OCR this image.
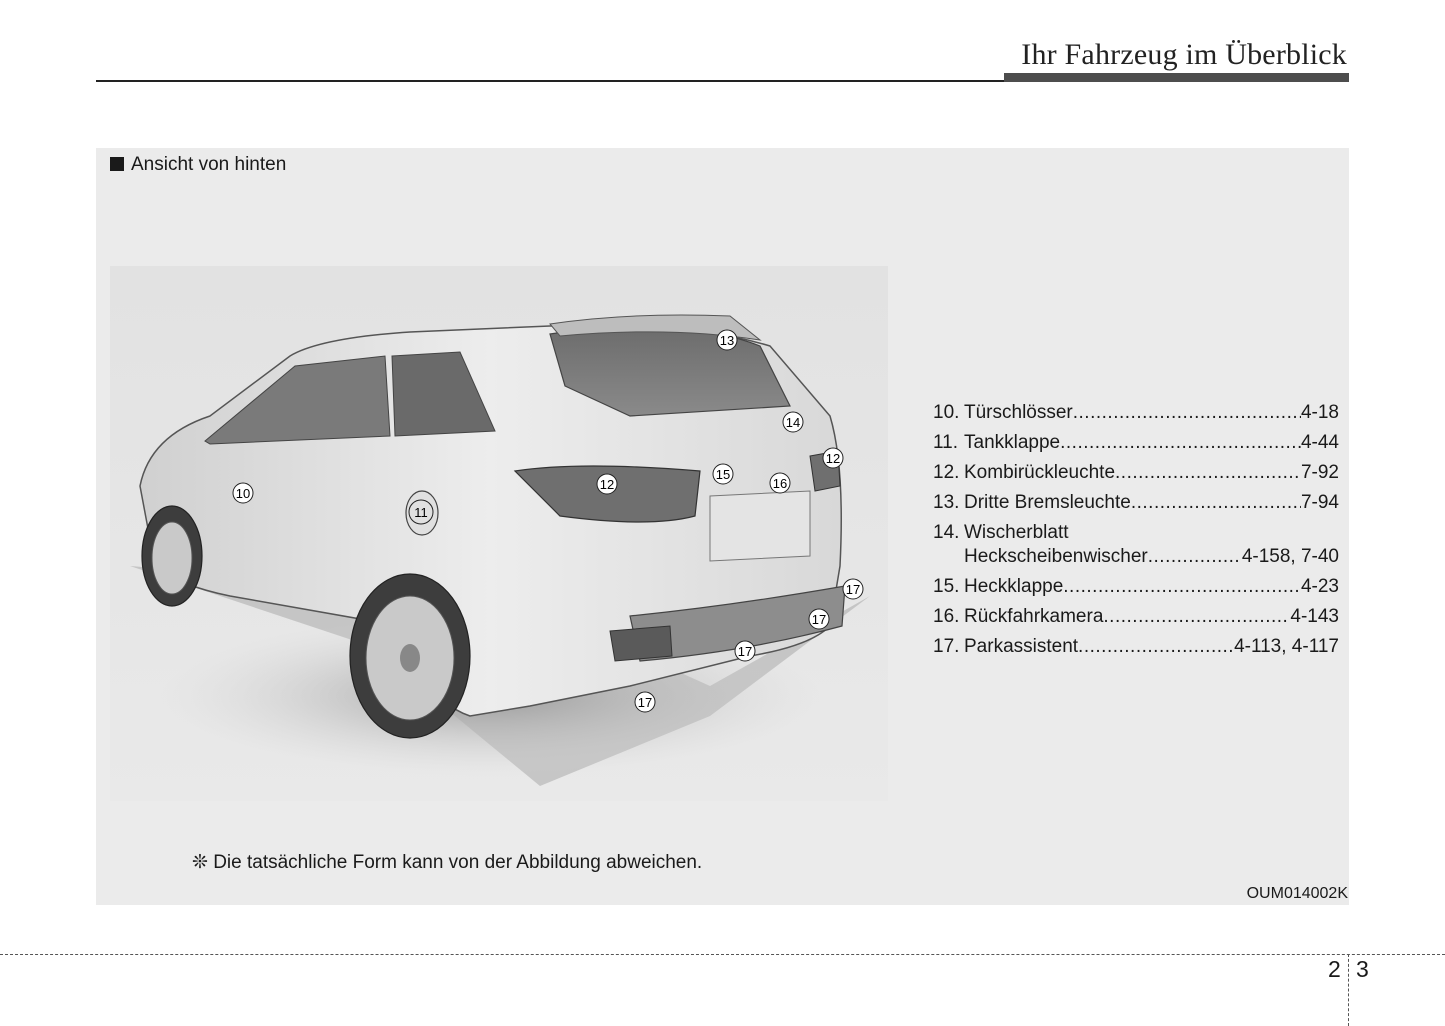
Ihr Fahrzeug im Überblick
Ansicht von hinten
10
11
12
12
13
14
15
16
17
17
17
17
10. Türschlösser .....	4-18
11. Tankklappe .....	4-44
12. Kombirückleuchte .....	7-92
13. Dritte Bremsleuchte .....	7-94
14. Wischerblatt
Heckscheibenwischer .....	4-158, 7-40
15. Heckklappe .....	4-23
16. Rückfahrkamera .....	4-143
17. Parkassistent .....	4-113, 4-117
❊ Die tatsächliche Form kann von der Abbildung abweichen.
OUM014002K
2 3
